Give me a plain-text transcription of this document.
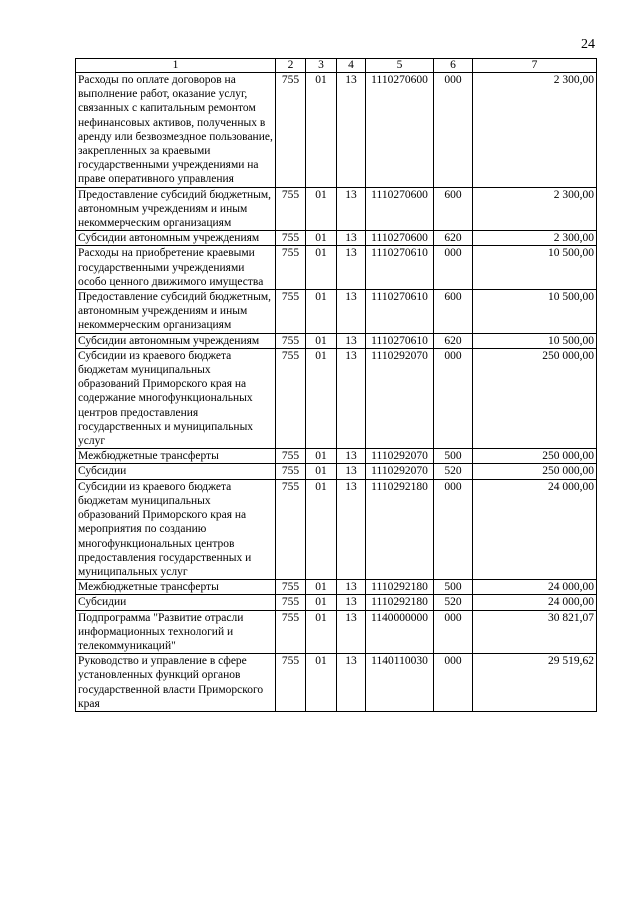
24
1	2	3	4	5	6	7
Расходы по оплате договоров на выполнение работ, оказание услуг, связанных с капитальным ремонтом нефинансовых активов, полученных в аренду или безвозмездное пользование, закрепленных за краевыми государственными учреждениями на праве оперативного управления	755	01	13	1110270600	000	2 300,00
Предоставление субсидий бюджетным, автономным учреждениям и иным некоммерческим организациям	755	01	13	1110270600	600	2 300,00
Субсидии автономным учреждениям	755	01	13	1110270600	620	2 300,00
Расходы на приобретение краевыми государственными учреждениями особо ценного движимого имущества	755	01	13	1110270610	000	10 500,00
Предоставление субсидий бюджетным, автономным учреждениям и иным некоммерческим организациям	755	01	13	1110270610	600	10 500,00
Субсидии автономным учреждениям	755	01	13	1110270610	620	10 500,00
Субсидии из краевого бюджета бюджетам муниципальных образований Приморского края на содержание многофункциональных центров предоставления государственных и муниципальных услуг	755	01	13	1110292070	000	250 000,00
Межбюджетные трансферты	755	01	13	1110292070	500	250 000,00
Субсидии	755	01	13	1110292070	520	250 000,00
Субсидии из краевого бюджета бюджетам муниципальных образований Приморского края на мероприятия по созданию многофункциональных центров предоставления государственных и муниципальных услуг	755	01	13	1110292180	000	24 000,00
Межбюджетные трансферты	755	01	13	1110292180	500	24 000,00
Субсидии	755	01	13	1110292180	520	24 000,00
Подпрограмма "Развитие отрасли информационных технологий и телекоммуникаций"	755	01	13	1140000000	000	30 821,07
Руководство и управление в сфере установленных функций органов государственной власти Приморского края	755	01	13	1140110030	000	29 519,62
